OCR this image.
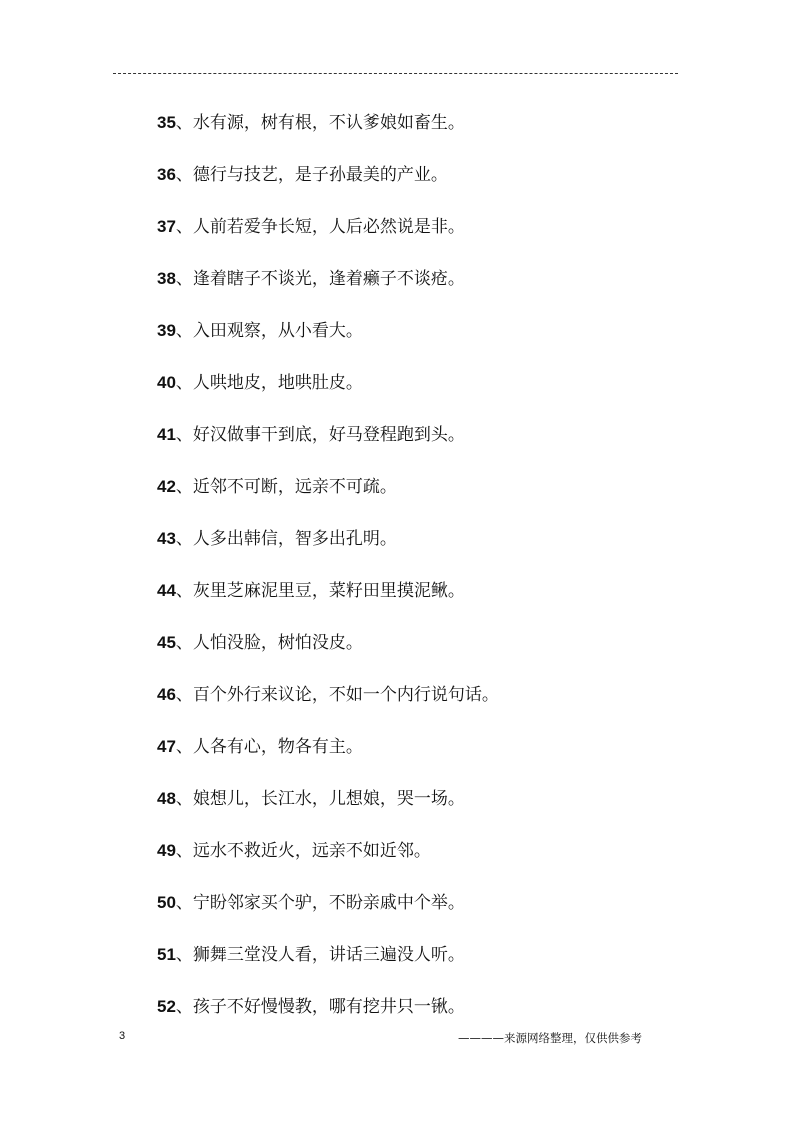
35、水有源，树有根，不认爹娘如畜生。
36、德行与技艺，是子孙最美的产业。
37、人前若爱争长短，人后必然说是非。
38、逢着瞎子不谈光，逢着癞子不谈疮。
39、入田观察，从小看大。
40、人哄地皮，地哄肚皮。
41、好汉做事干到底，好马登程跑到头。
42、近邻不可断，远亲不可疏。
43、人多出韩信，智多出孔明。
44、灰里芝麻泥里豆，菜籽田里摸泥鳅。
45、人怕没脸，树怕没皮。
46、百个外行来议论，不如一个内行说句话。
47、人各有心，物各有主。
48、娘想儿，长江水，儿想娘，哭一场。
49、远水不救近火，远亲不如近邻。
50、宁盼邻家买个驴，不盼亲戚中个举。
51、狮舞三堂没人看，讲话三遍没人听。
52、孩子不好慢慢教，哪有挖井只一锹。
3	————来源网络整理，仅供供参考
